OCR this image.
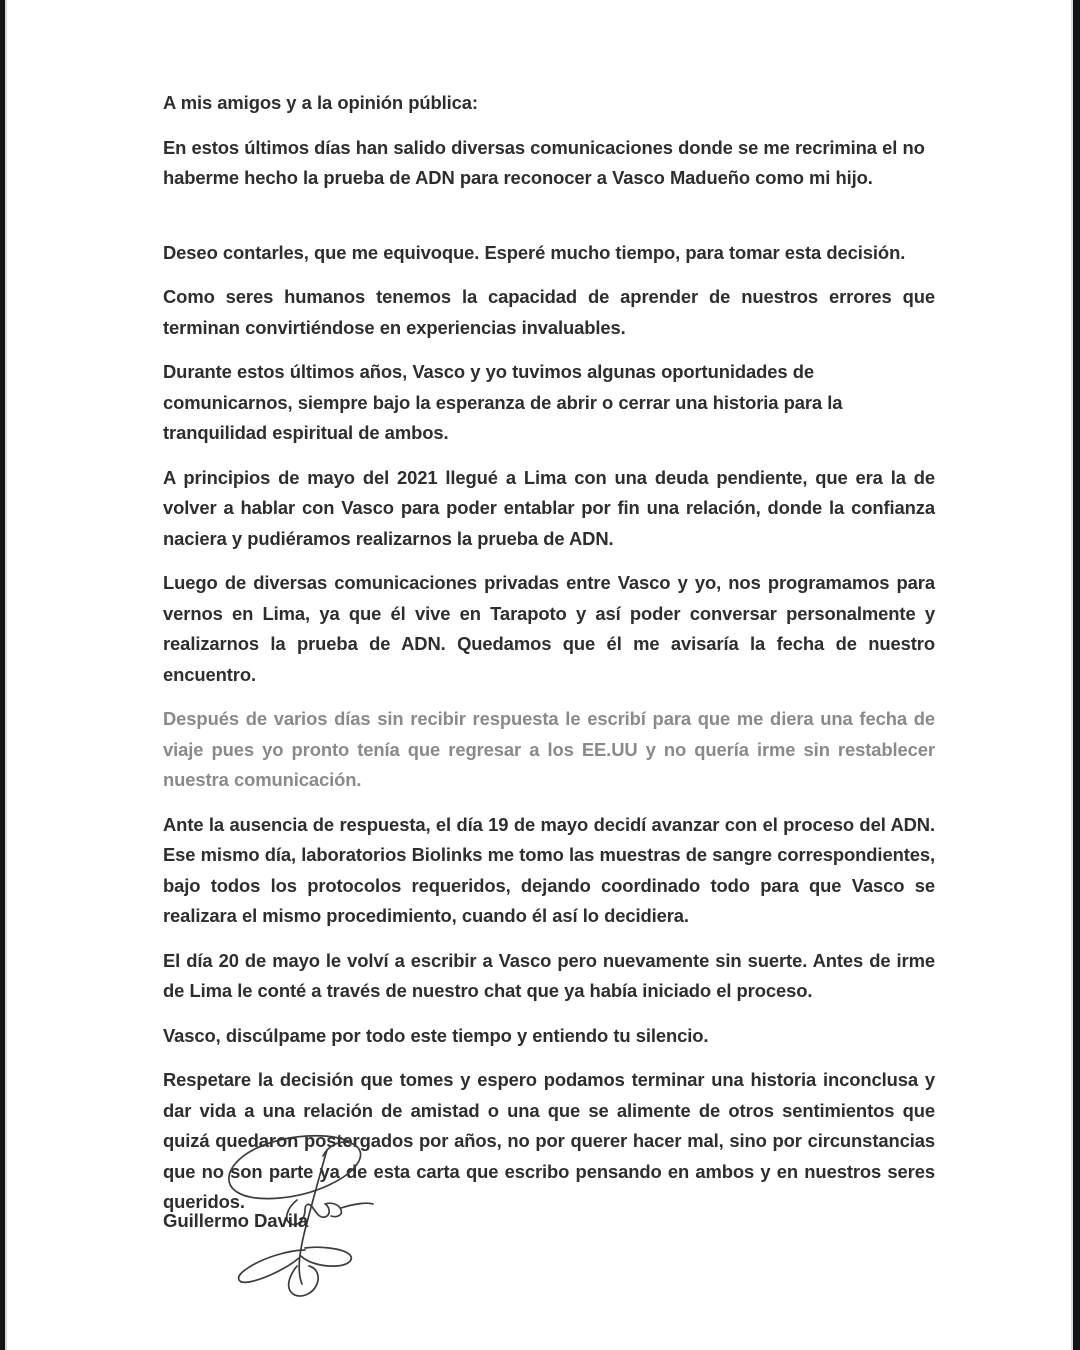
A mis amigos y a la opinión pública:

En estos últimos días han salido diversas comunicaciones donde se me recrimina el no haberme hecho la prueba de ADN para reconocer a Vasco Madueño como mi hijo.

Deseo contarles, que me equivoque. Esperé mucho tiempo, para tomar esta decisión.

Como seres humanos tenemos la capacidad de aprender de nuestros errores que terminan convirtiéndose en experiencias invaluables.

Durante estos últimos años, Vasco y yo tuvimos algunas oportunidades de comunicarnos, siempre bajo la esperanza de abrir o cerrar una historia para la tranquilidad espiritual de ambos.

A principios de mayo del 2021 llegué a Lima con una deuda pendiente, que era la de volver a hablar con Vasco para poder entablar por fin una relación, donde la confianza naciera y pudiéramos realizarnos la prueba de ADN.

Luego de diversas comunicaciones privadas entre Vasco y yo, nos programamos para vernos en Lima, ya que él vive en Tarapoto y así poder conversar personalmente y realizarnos la prueba de ADN. Quedamos que él me avisaría la fecha de nuestro encuentro.

Después de varios días sin recibir respuesta le escribí para que me diera una fecha de viaje pues yo pronto tenía que regresar a los EE.UU y no quería irme sin restablecer nuestra comunicación.

Ante la ausencia de respuesta, el día 19 de mayo decidí avanzar con el proceso del ADN. Ese mismo día, laboratorios Biolinks me tomo las muestras de sangre correspondientes, bajo todos los protocolos requeridos, dejando coordinado todo para que Vasco se realizara el mismo procedimiento, cuando él así lo decidiera.

El día 20 de mayo le volví a escribir a Vasco pero nuevamente sin suerte. Antes de irme de Lima le conté a través de nuestro chat que ya había iniciado el proceso.

Vasco, discúlpame por todo este tiempo y entiendo tu silencio.

Respetare la decisión que tomes y espero podamos terminar una historia inconclusa y dar vida a una relación de amistad o una que se alimente de otros sentimientos que quizá quedaron postergados por años, no por querer hacer mal, sino por circunstancias que no son parte ya de esta carta que escribo pensando en ambos y en nuestros seres queridos.

Guillermo Davila
